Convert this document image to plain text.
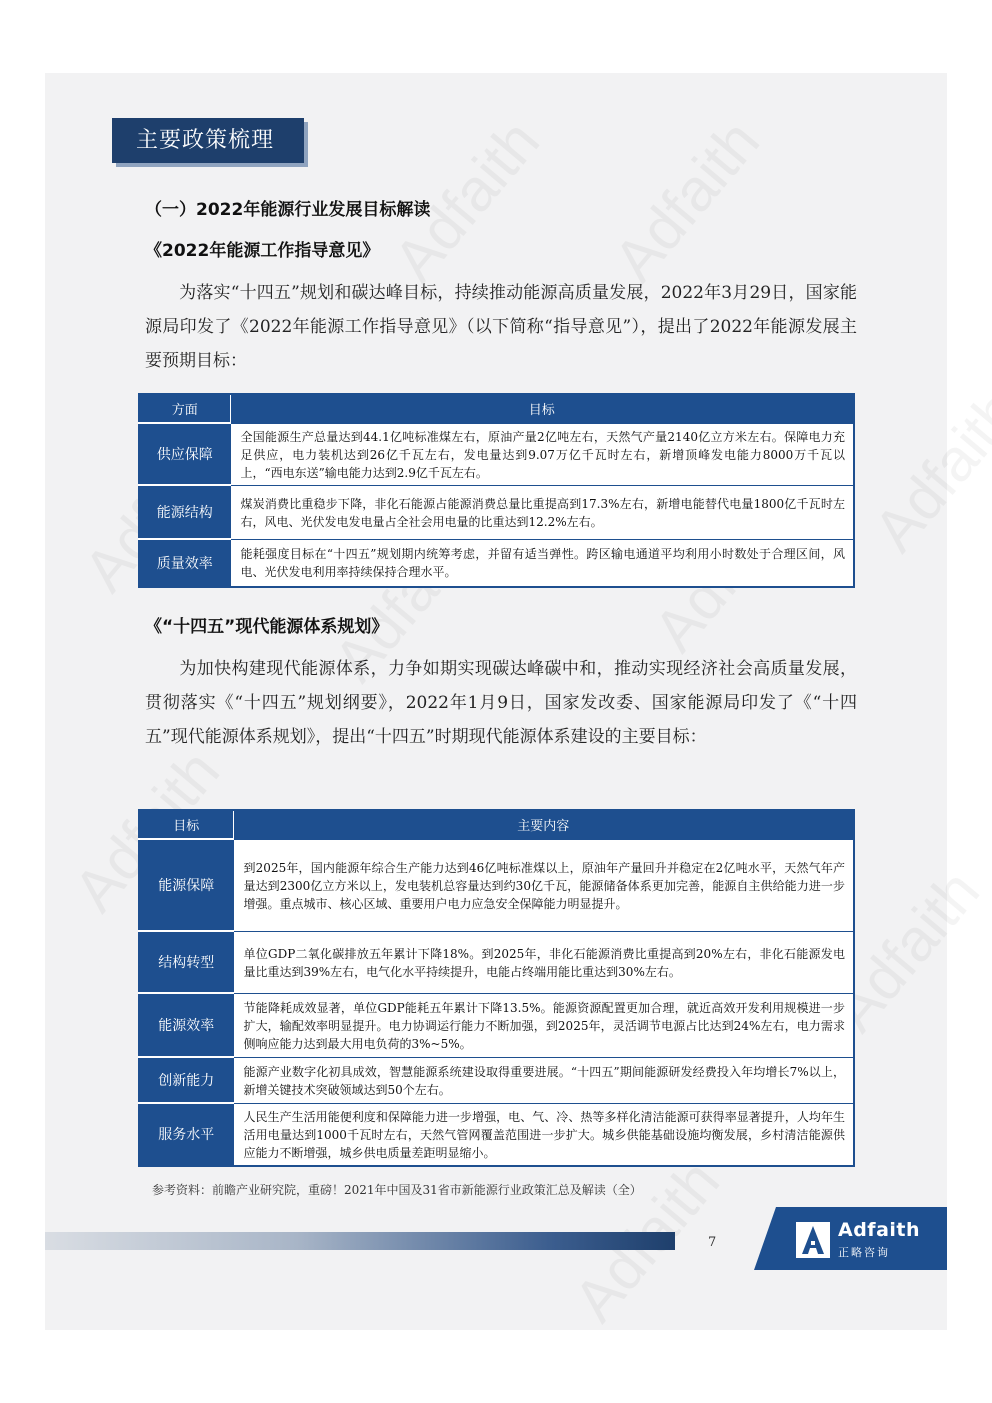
主要政策梳理
（一）2022年能源行业发展目标解读
《2022年能源工作指导意见》
为落实“十四五”规划和碳达峰目标，持续推动能源高质量发展，2022年3月29日，国家能源局印发了《2022年能源工作指导意见》（以下简称“指导意见”），提出了2022年能源发展主要预期目标：
方面	目标
供应保障	全国能源生产总量达到44.1亿吨标准煤左右，原油产量2亿吨左右，天然气产量2140亿立方米左右。保障电力充足供应，电力装机达到26亿千瓦左右，发电量达到9.07万亿千瓦时左右，新增顶峰发电能力8000万千瓦以上，“西电东送”输电能力达到2.9亿千瓦左右。
能源结构	煤炭消费比重稳步下降，非化石能源占能源消费总量比重提高到17.3%左右，新增电能替代电量1800亿千瓦时左右，风电、光伏发电发电量占全社会用电量的比重达到12.2%左右。
质量效率	能耗强度目标在“十四五”规划期内统筹考虑，并留有适当弹性。跨区输电通道平均利用小时数处于合理区间，风电、光伏发电利用率持续保持合理水平。
《“十四五”现代能源体系规划》
为加快构建现代能源体系，力争如期实现碳达峰碳中和，推动实现经济社会高质量发展，贯彻落实《“十四五”规划纲要》，2022年1月9日，国家发改委、国家能源局印发了《“十四五”现代能源体系规划》，提出“十四五”时期现代能源体系建设的主要目标：
目标	主要内容
能源保障	到2025年，国内能源年综合生产能力达到46亿吨标准煤以上，原油年产量回升并稳定在2亿吨水平，天然气年产量达到2300亿立方米以上，发电装机总容量达到约30亿千瓦，能源储备体系更加完善，能源自主供给能力进一步增强。重点城市、核心区域、重要用户电力应急安全保障能力明显提升。
结构转型	单位GDP二氧化碳排放五年累计下降18%。到2025年，非化石能源消费比重提高到20%左右，非化石能源发电量比重达到39%左右，电气化水平持续提升，电能占终端用能比重达到30%左右。
能源效率	节能降耗成效显著，单位GDP能耗五年累计下降13.5%。能源资源配置更加合理，就近高效开发利用规模进一步扩大，输配效率明显提升。电力协调运行能力不断加强，到2025年，灵活调节电源占比达到24%左右，电力需求侧响应能力达到最大用电负荷的3%~5%。
创新能力	能源产业数字化初具成效，智慧能源系统建设取得重要进展。“十四五”期间能源研发经费投入年均增长7%以上，新增关键技术突破领域达到50个左右。
服务水平	人民生产生活用能便利度和保障能力进一步增强，电、气、冷、热等多样化清洁能源可获得率显著提升，人均年生活用电量达到1000千瓦时左右，天然气管网覆盖范围进一步扩大。城乡供能基础设施均衡发展，乡村清洁能源供应能力不断增强，城乡供电质量差距明显缩小。
参考资料：前瞻产业研究院，重磅！2021年中国及31省市新能源行业政策汇总及解读（全）
7
Adfaith
正略咨询
